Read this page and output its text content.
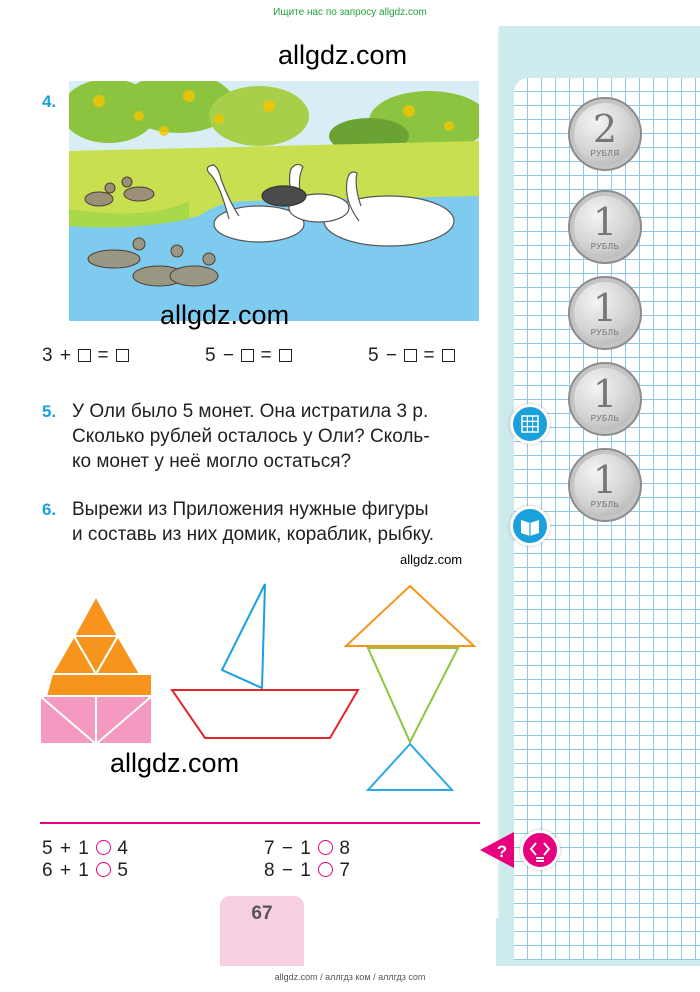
Ищите нас по запросу allgdz.com
allgdz.com
4.
allgdz.com
3 + =	5 − =	5 − =
5. У Оли было 5 монет. Она истратила 3 р.
Сколько рублей осталось у Оли? Сколь-
ко монет у неё могло остаться?
6. Вырежи из Приложения нужные фигуры
и составь из них домик, кораблик, рыбку.
allgdz.com
allgdz.com
5 + 1 4
6 + 1 5
7 − 1 8
8 − 1 7
67
2
РУБЛЯ
1
РУБЛЬ
1
РУБЛЬ
1
РУБЛЬ
1
РУБЛЬ
?
allgdz.com / аллгдз ком / аллгдз com
